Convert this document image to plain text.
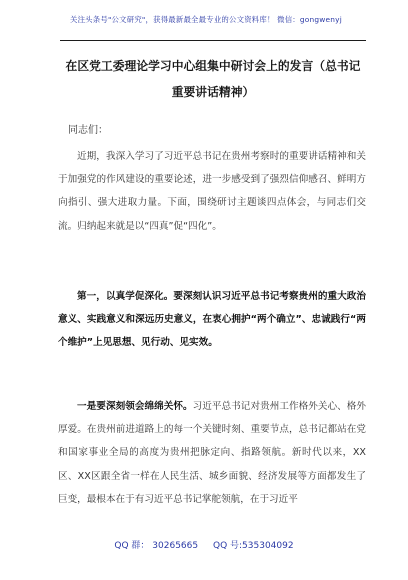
关注头条号"公文研究"，获得最新最全最专业的公文资料库！ 微信：gongwenyj
在区党工委理论学习中心组集中研讨会上的发言（总书记重要讲话精神）
同志们：
近期，我深入学习了习近平总书记在贵州考察时的重要讲话精神和关于加强党的作风建设的重要论述，进一步感受到了强烈信仰感召、鲜明方向指引、强大进取力量。下面，围绕研讨主题谈四点体会，与同志们交流。归纳起来就是以“四真”促“四化”。
第一，以真学促深化。要深刻认识习近平总书记考察贵州的重大政治意义、实践意义和深远历史意义，在衷心拥护“两个确立”、忠诚践行“两个维护”上见思想、见行动、见实效。
一是要深刻领会绵绵关怀。习近平总书记对贵州工作格外关心、格外厚爱。在贵州前进道路上的每一个关键时刻、重要节点，总书记都站在党和国家事业全局的高度为贵州把脉定向、指路领航。新时代以来，XX区、XX区跟全省一样在人民生活、城乡面貌、经济发展等方面都发生了巨变，最根本在于有习近平总书记掌舵领航，在于习近平
QQ 群： 30265665 QQ 号:535304092
